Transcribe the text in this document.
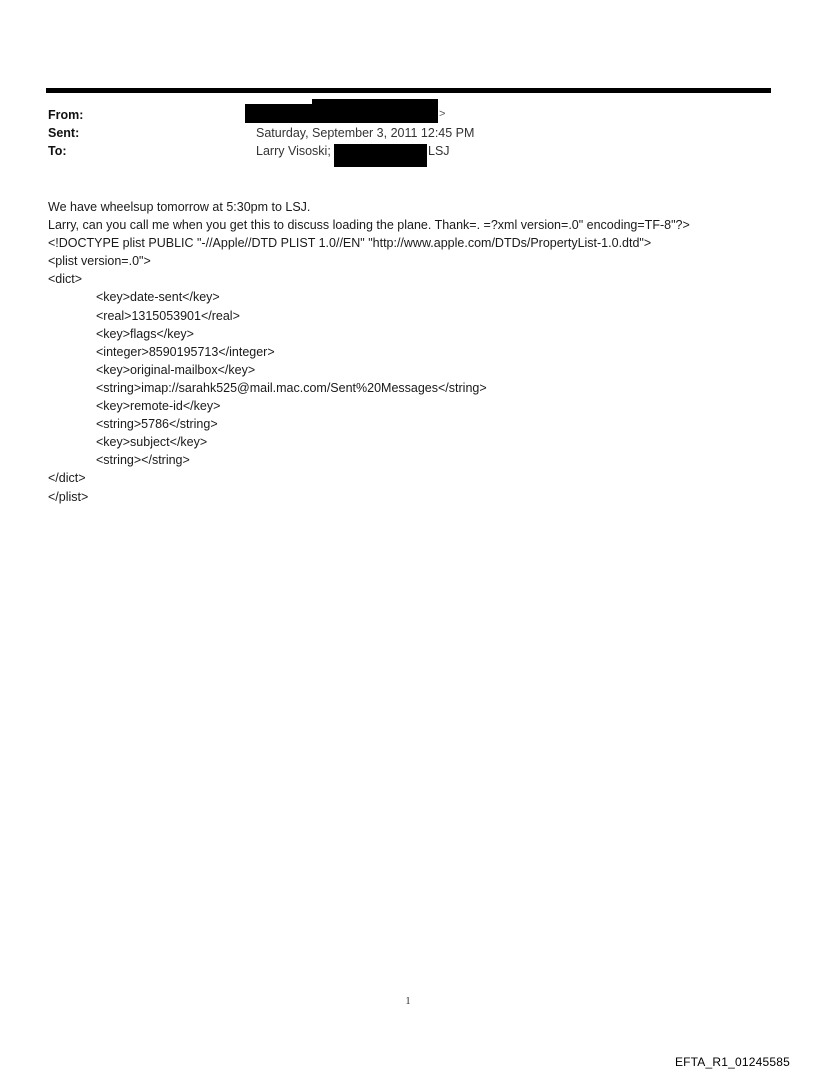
From:	>
Sent:	Saturday, September 3, 2011 12:45 PM
To:	Larry Visoski;	LSJ
We have wheelsup tomorrow at 5:30pm to LSJ.
Larry, can you call me when you get this to discuss loading the plane. Thank=. =?xml version=.0" encoding=TF-8"?>
<!DOCTYPE plist PUBLIC "-//Apple//DTD PLIST 1.0//EN" "http://www.apple.com/DTDs/PropertyList-1.0.dtd">
<plist version=.0">
<dict>
<key>date-sent</key>
<real>1315053901</real>
<key>flags</key>
<integer>8590195713</integer>
<key>original-mailbox</key>
<string>imap://sarahk525@mail.mac.com/Sent%20Messages</string>
<key>remote-id</key>
<string>5786</string>
<key>subject</key>
<string></string>
</dict>
</plist>
1
EFTA_R1_01245585
